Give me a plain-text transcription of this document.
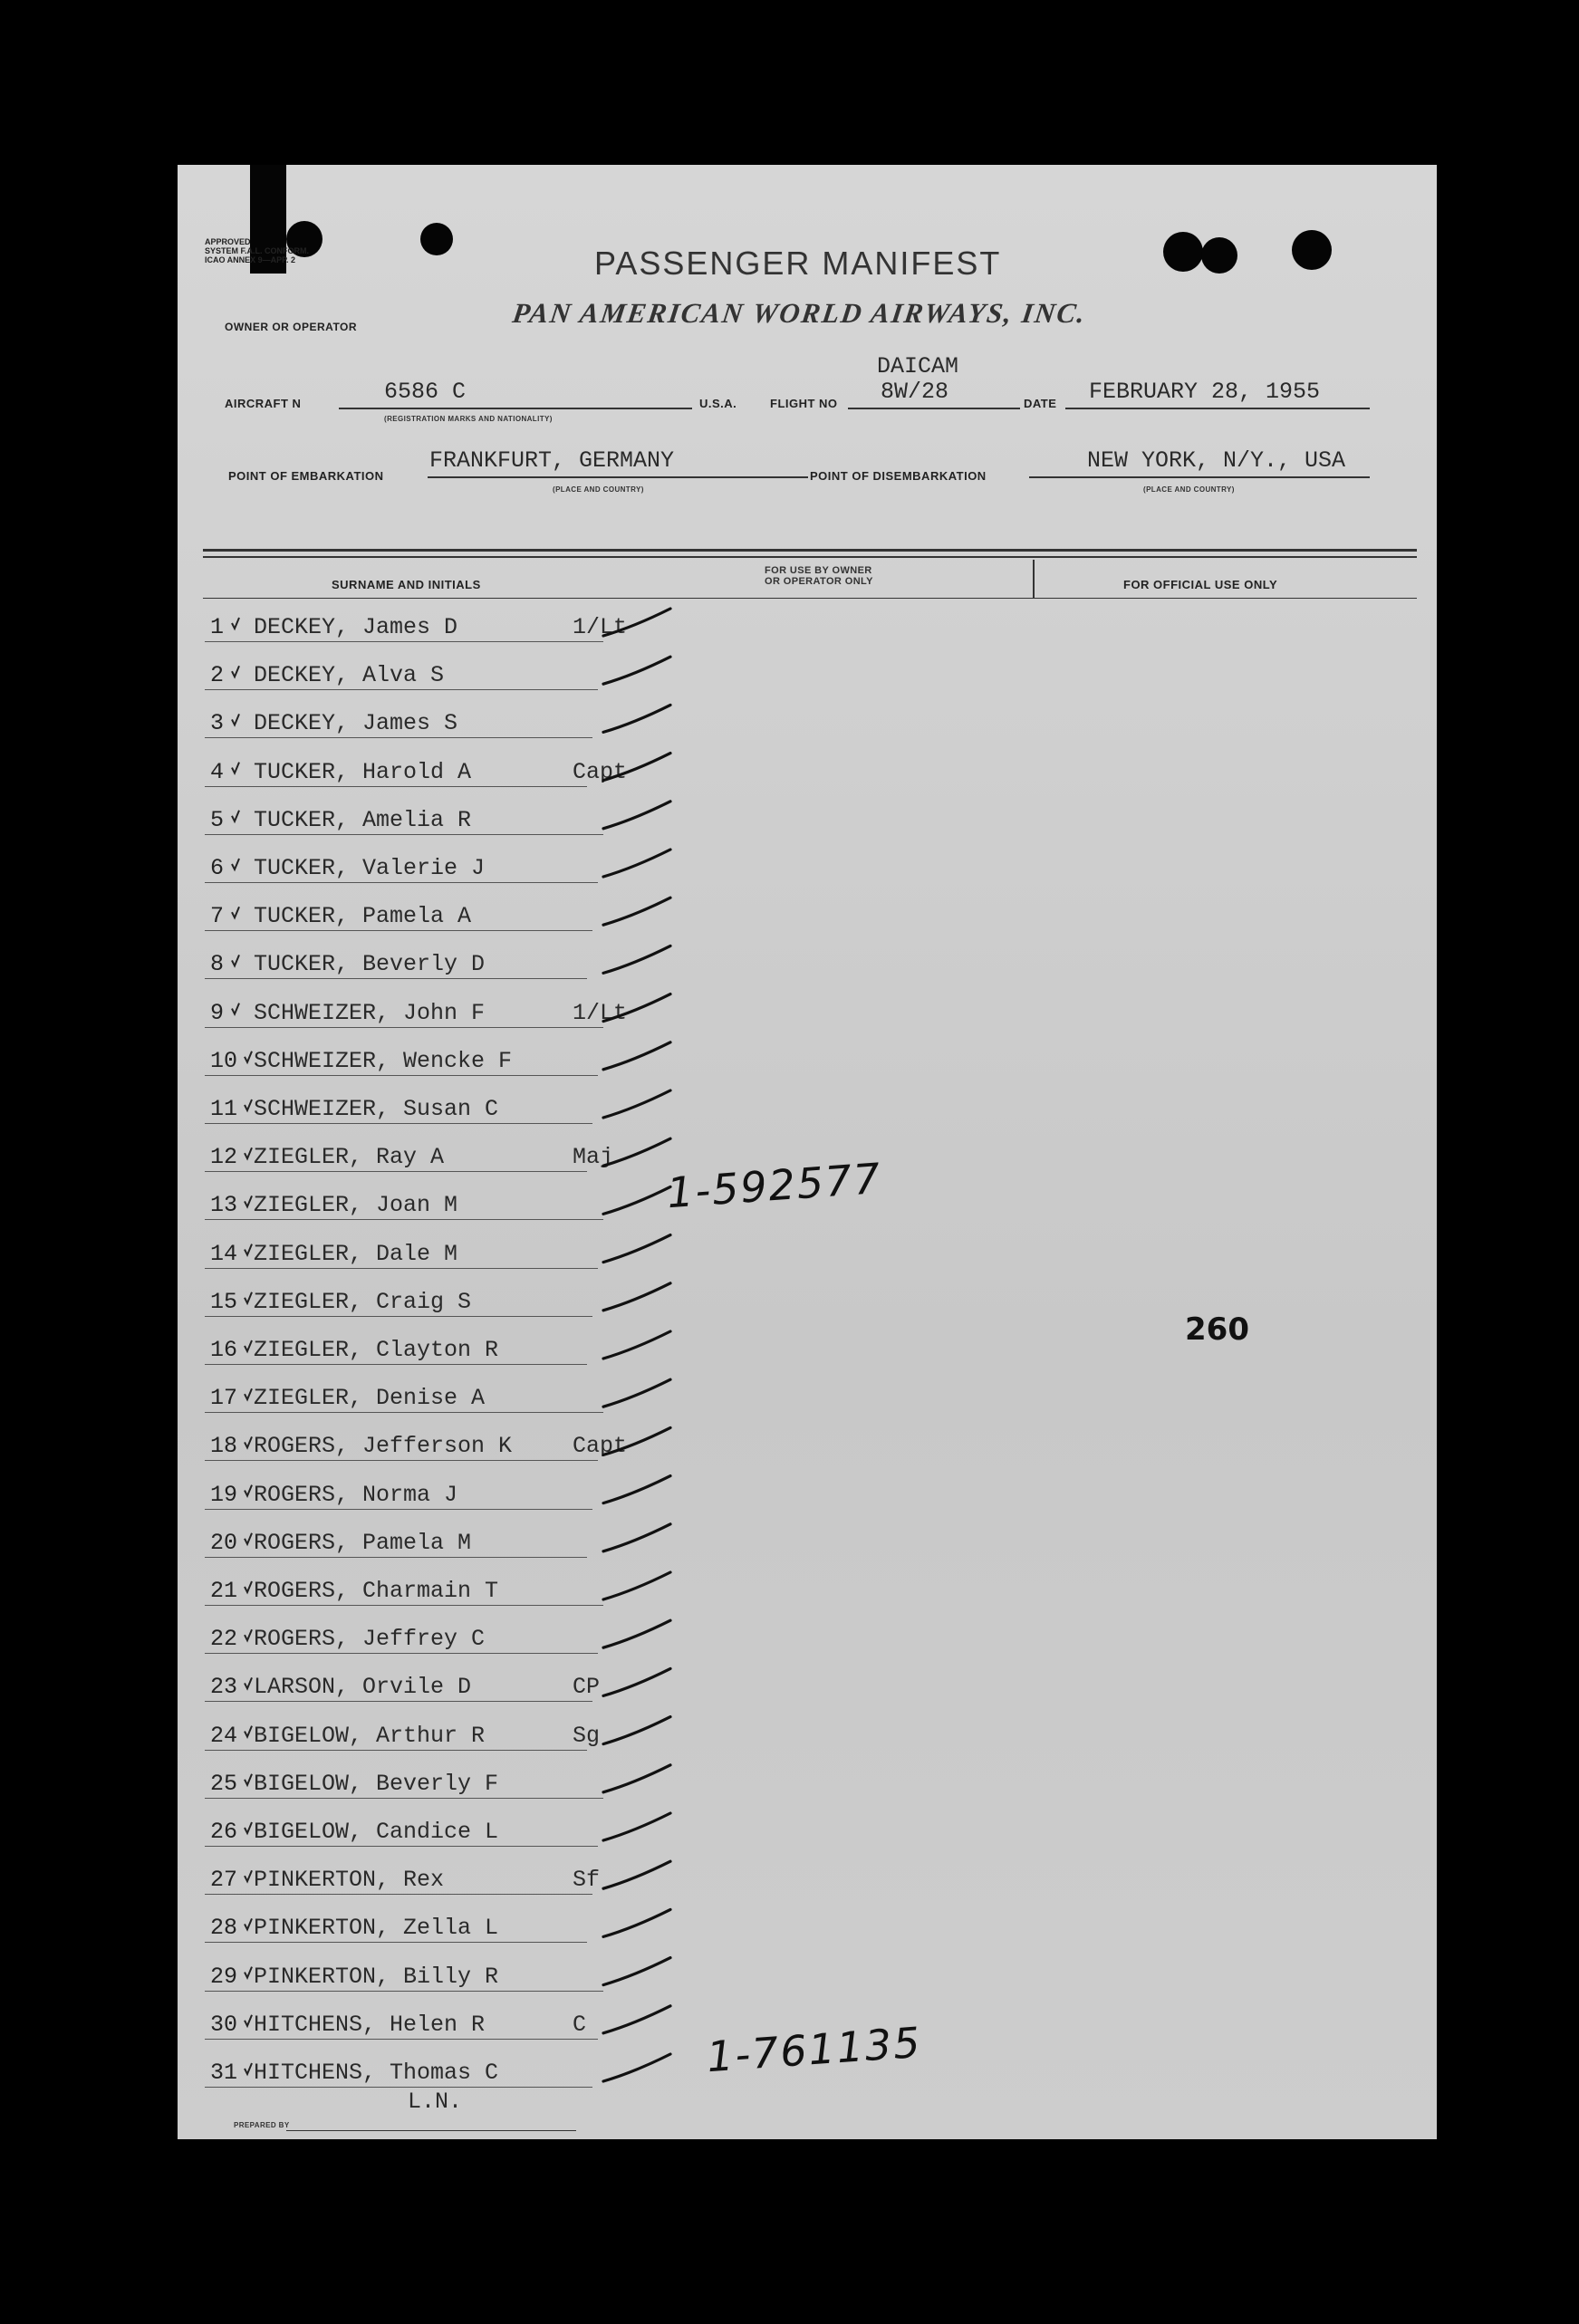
APPROVED
SYSTEM F.A.L. CONFORM.
ICAO ANNEX 9—APP. 2	PASSENGER MANIFEST
OWNER OR OPERATOR	PAN AMERICAN WORLD AIRWAYS, INC.
AIRCRAFT N	6586 C
(REGISTRATION MARKS AND NATIONALITY)
U.S.A.	FLIGHT NO
DAICAM
8W/28	DATE FEBRUARY 28, 1955
POINT OF EMBARKATION
FRANKFURT, GERMANY
(PLACE AND COUNTRY)
POINT OF DISEMBARKATION
NEW YORK, N/Y., USA
(PLACE AND COUNTRY)
SURNAME AND INITIALS
FOR USE BY OWNER
OR OPERATOR ONLY	FOR OFFICIAL USE ONLY
1 DECKEY, James D	1/Lt
2 DECKEY, Alva S
3 DECKEY, James S
4 TUCKER, Harold A	Capt
5 TUCKER, Amelia R
6 TUCKER, Valerie J
7 TUCKER, Pamela A
8 TUCKER, Beverly D
9 SCHWEIZER, John F	1/Lt
10 SCHWEIZER, Wencke F
11 SCHWEIZER, Susan C
12 ZIEGLER, Ray A	Maj
13 ZIEGLER, Joan M
14 ZIEGLER, Dale M
15 ZIEGLER, Craig S
16 ZIEGLER, Clayton R
17 ZIEGLER, Denise A
18 ROGERS, Jefferson K	Capt
19 ROGERS, Norma J
20 ROGERS, Pamela M
21 ROGERS, Charmain T
22 ROGERS, Jeffrey C
23 LARSON, Orvile D	CP
24 BIGELOW, Arthur R	Sg
25 BIGELOW, Beverly F
26 BIGELOW, Candice L
27 PINKERTON, Rex	Sf
28 PINKERTON, Zella L
29 PINKERTON, Billy R
30 HITCHENS, Helen R	C
31 HITCHENS, Thomas C
1-592577
1-761135
260
L.N.
PREPARED BY
